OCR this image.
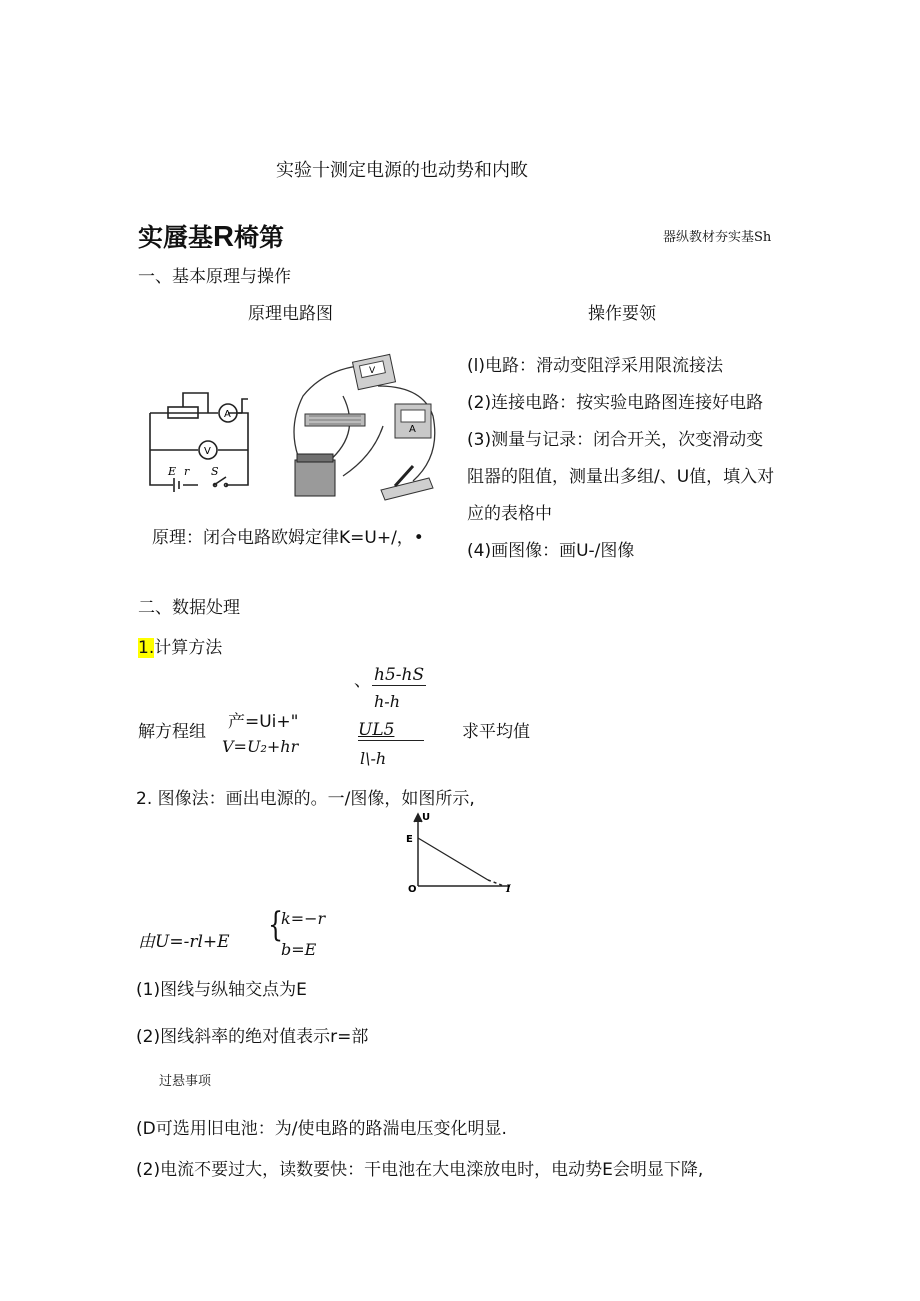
实验十测定电源的也动势和内畋
实蜃基R椅第	器纵教材夯实基Sh
一、基本原理与操作
原理电路图	操作要领
A
V
E r S
V
A
原理：闭合电路欧姆定律K=U+/，•
(l)电路：滑动变阻浮采用限流接法
(2)连接电路：按实验电路图连接好电路
(3)测量与记录：闭合开关，次变滑动变
阻器的阻值，测量出多组/、U值，填入对
应的表格中
(4)画图像：画U-/图像
二、数据处理
1.计算方法
解方程组 产=Ui+"
V=U₂+hr
、 h5-hS
h-h
UL5
l\-h
求平均值
2. 图像法：画出电源的。一/图像，如图所示,
U
E
O	I
由U=-rl+E {
k=−r
b=E
(1)图线与纵轴交点为E
(2)图线斜率的绝对值表示r=部
过悬事项
(D可选用旧电池：为/使电路的路湍电压变化明显.
(2)电流不要过大，读数要快：干电池在大电滦放电时，电动势E会明显下降,
